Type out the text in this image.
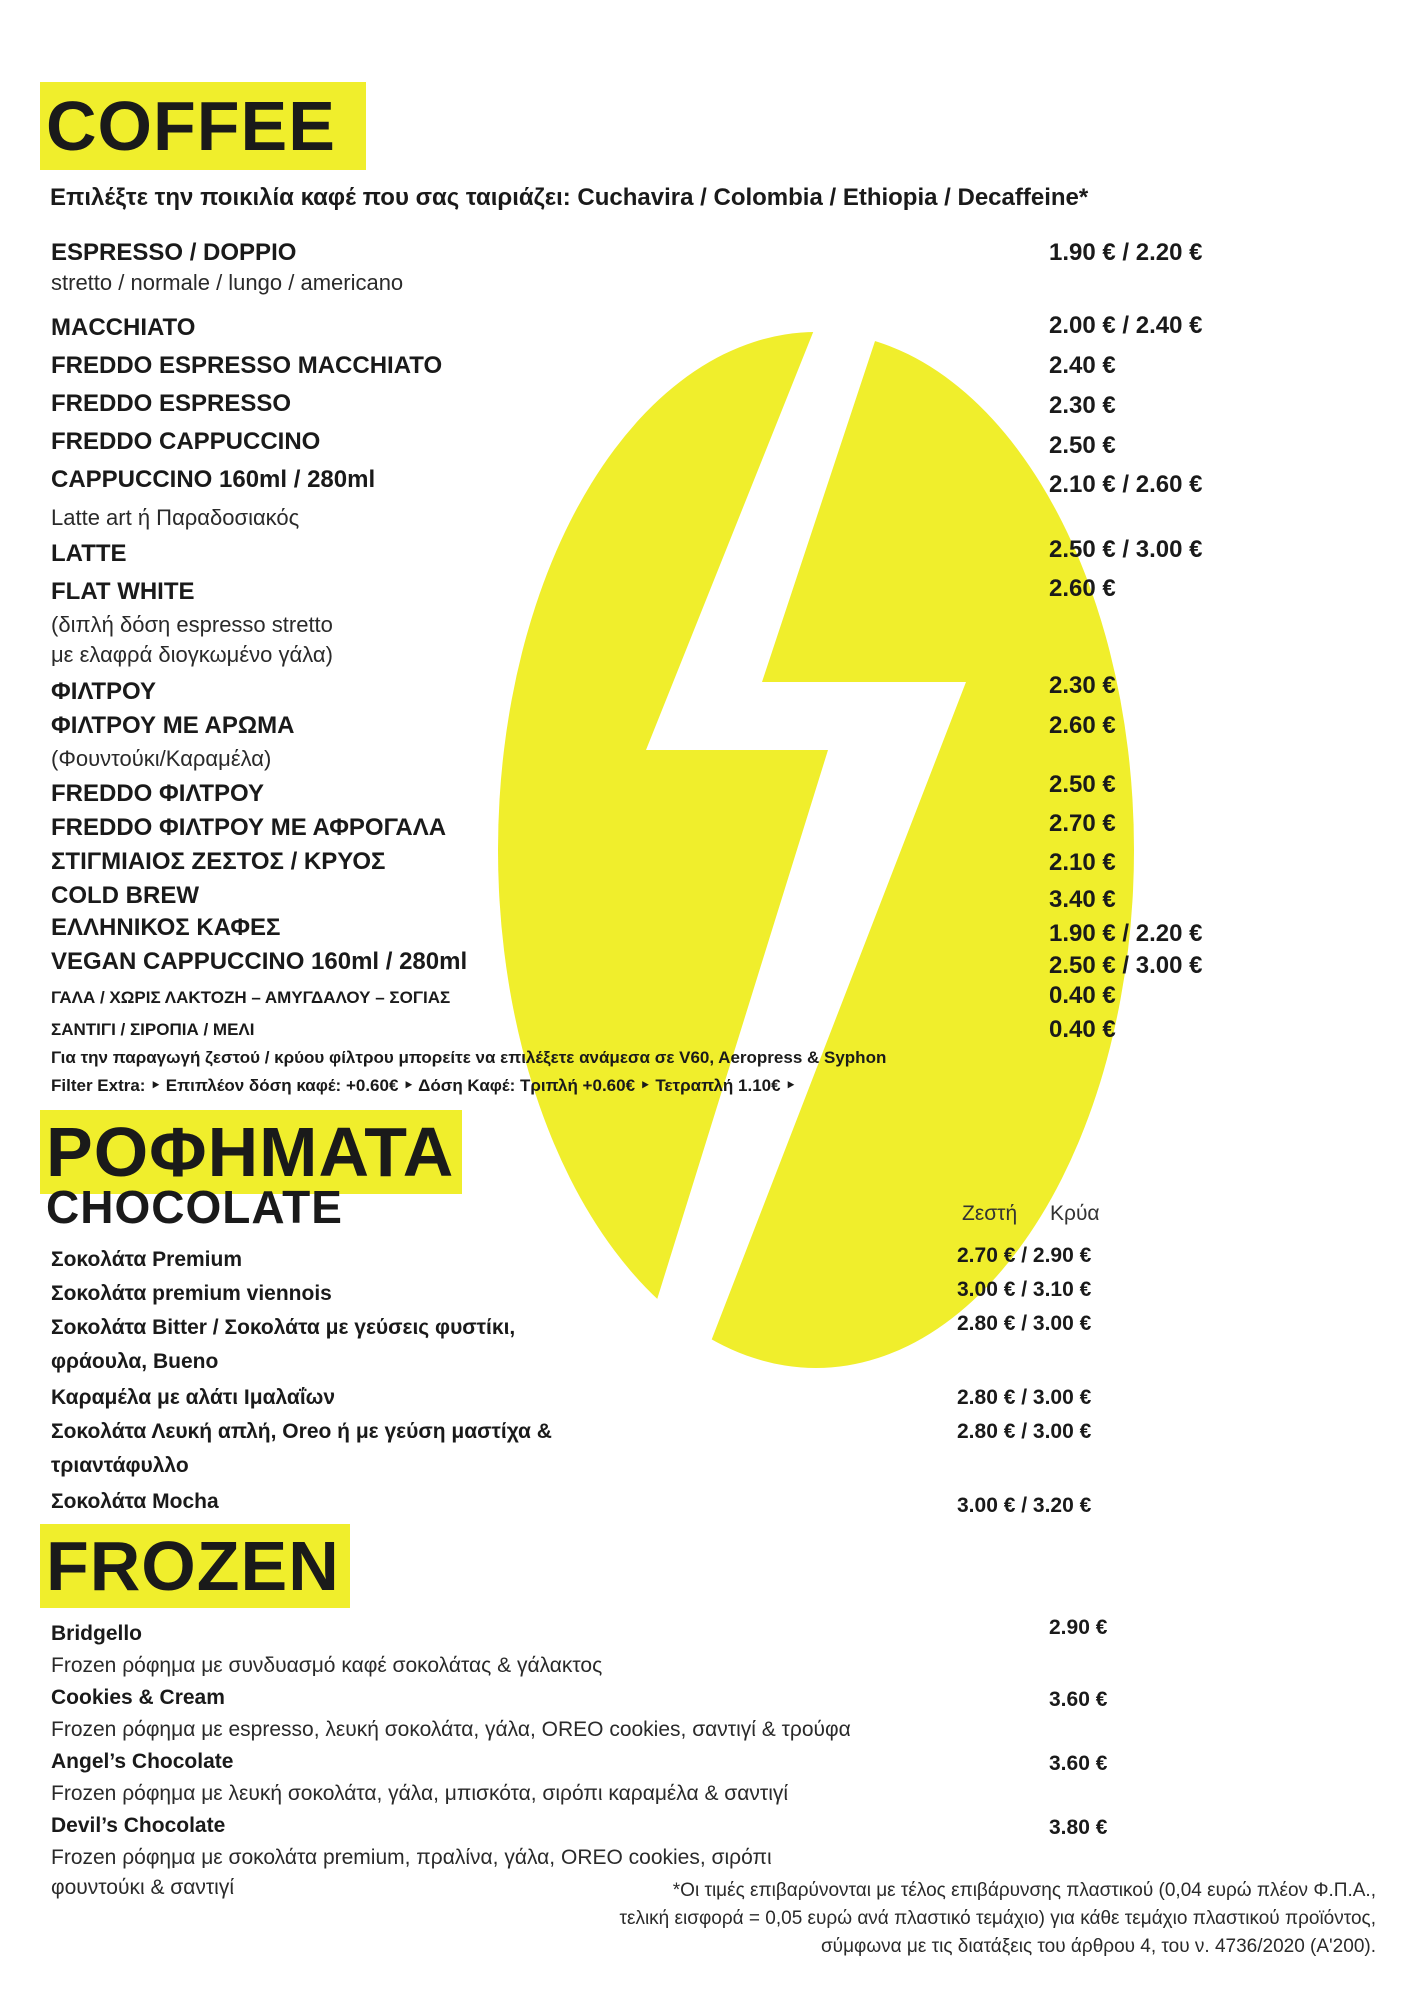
COFFEE
Επιλέξτε την ποικιλία καφέ που σας ταιριάζει: Cuchavira / Colombia / Ethiopia / Decaffeine*
ESPRESSO / DOPPIO	1.90 € / 2.20 €
stretto / normale / lungo / americano
MACCHIATO	2.00 € / 2.40 €
FREDDO ESPRESSO MACCHIATO	2.40 €
FREDDO ESPRESSO	2.30 €
FREDDO CAPPUCCINO	2.50 €
CAPPUCCINO 160ml / 280ml	2.10 € / 2.60 €
Latte art ή Παραδοσιακός
LATTE	2.50 € / 3.00 €
FLAT WHITE	2.60 €
(διπλή δόση espresso stretto
με ελαφρά διογκωμένο γάλα)
ΦΙΛΤΡΟΥ	2.30 €
ΦΙΛΤΡΟΥ ΜΕ ΑΡΩΜΑ	2.60 €
(Φουντούκι/Καραμέλα)
FREDDO ΦΙΛΤΡΟΥ	2.50 €
FREDDO ΦΙΛΤΡΟΥ ΜΕ ΑΦΡΟΓΑΛΑ	2.70 €
ΣΤΙΓΜΙΑΙΟΣ ΖΕΣΤΟΣ / ΚΡΥΟΣ	2.10 €
COLD BREW	3.40 €
ΕΛΛΗΝΙΚΟΣ ΚΑΦΕΣ	1.90 € / 2.20 €
VEGAN CAPPUCCINO 160ml / 280ml	2.50 € / 3.00 €
ΓΑΛΑ / ΧΩΡΙΣ ΛΑΚΤΟΖΗ – ΑΜΥΓΔΑΛΟΥ – ΣΟΓΙΑΣ	0.40 €
ΣΑΝΤΙΓΙ / ΣΙΡΟΠΙΑ / ΜΕΛΙ	0.40 €
Για την παραγωγή ζεστού / κρύου φίλτρου μπορείτε να επιλέξετε ανάμεσα σε V60, Aeropress & Syphon
Filter Extra: ‣ Επιπλέον δόση καφέ: +0.60€ ‣ Δόση Καφέ: Τριπλή +0.60€ ‣ Τετραπλή 1.10€ ‣
ΡΟΦΗΜΑΤΑ
CHOCOLATE	Ζεστή Κρύα
Σοκολάτα Premium	2.70 € / 2.90 €
Σοκολάτα premium viennois	3.00 € / 3.10 €
Σοκολάτα Bitter / Σοκολάτα με γεύσεις φυστίκι,
φράουλα, Bueno
2.80 € / 3.00 €
Καραμέλα με αλάτι Ιμαλαΐων	2.80 € / 3.00 €
Σοκολάτα Λευκή απλή, Oreo ή με γεύση μαστίχα &
τριαντάφυλλο
2.80 € / 3.00 €
Σοκολάτα Mocha	3.00 € / 3.20 €
FROZEN
Bridgello	2.90 €
Frozen ρόφημα με συνδυασμό καφέ σοκολάτας & γάλακτος
Cookies & Cream	3.60 €
Frozen ρόφημα με espresso, λευκή σοκολάτα, γάλα, OREO cookies, σαντιγί & τρούφα
Angel’s Chocolate	3.60 €
Frozen ρόφημα με λευκή σοκολάτα, γάλα, μπισκότα, σιρόπι καραμέλα & σαντιγί
Devil’s Chocolate	3.80 €
Frozen ρόφημα με σοκολάτα premium, πραλίνα, γάλα, OREO cookies, σιρόπι
φουντούκι & σαντιγί	*Οι τιμές επιβαρύνονται με τέλος επιβάρυνσης πλαστικού (0,04 ευρώ πλέον Φ.Π.Α.,
τελική εισφορά = 0,05 ευρώ ανά πλαστικό τεμάχιο) για κάθε τεμάχιο πλαστικού προϊόντος,
σύμφωνα με τις διατάξεις του άρθρου 4, του ν. 4736/2020 (Α'200).
